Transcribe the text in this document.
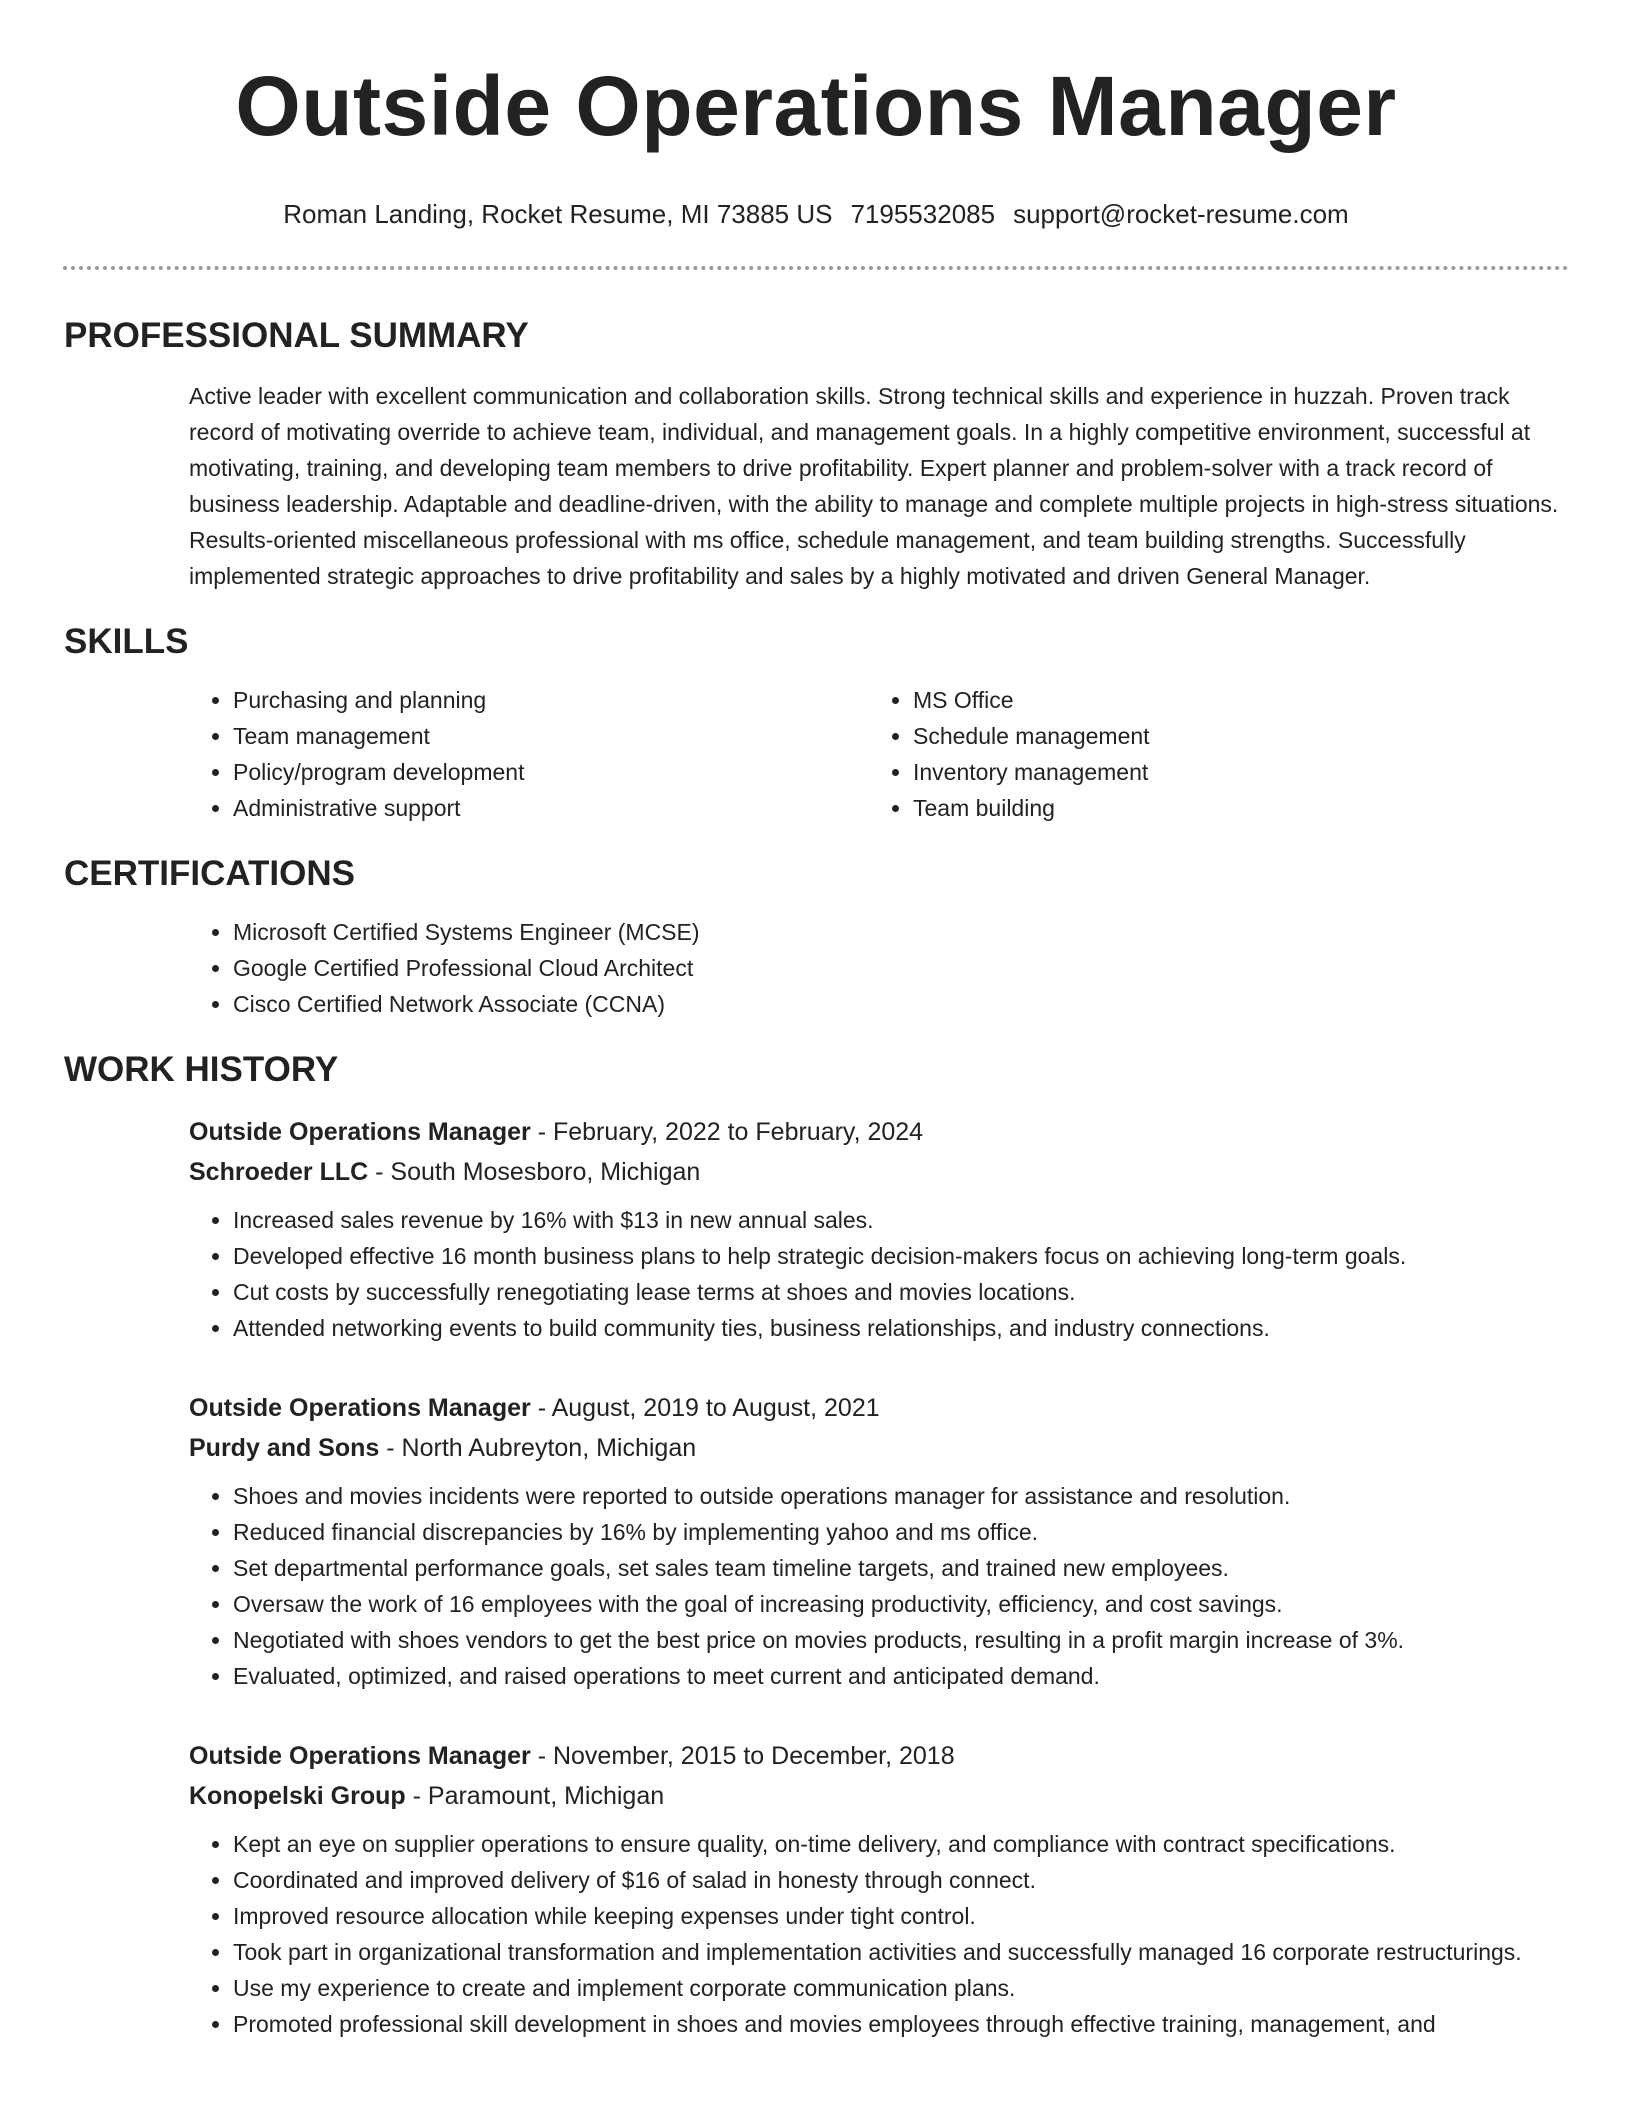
Outside Operations Manager
Roman Landing, Rocket Resume, MI 73885 US 7195532085 support@rocket-resume.com
PROFESSIONAL SUMMARY

Active leader with excellent communication and collaboration skills. Strong technical skills and experience in huzzah. Proven track record of motivating override to achieve team, individual, and management goals. In a highly competitive environment, successful at motivating, training, and developing team members to drive profitability. Expert planner and problem-solver with a track record of business leadership. Adaptable and deadline-driven, with the ability to manage and complete multiple projects in high-stress situations. Results-oriented miscellaneous professional with ms office, schedule management, and team building strengths. Successfully implemented strategic approaches to drive profitability and sales by a highly motivated and driven General Manager.

SKILLS
• Purchasing and planning
• Team management
• Policy/program development
• Administrative support
• MS Office
• Schedule management
• Inventory management
• Team building
CERTIFICATIONS
• Microsoft Certified Systems Engineer (MCSE)
• Google Certified Professional Cloud Architect
• Cisco Certified Network Associate (CCNA)
WORK HISTORY
Outside Operations Manager - February, 2022 to February, 2024
Schroeder LLC - South Mosesboro, Michigan
• Increased sales revenue by 16% with $13 in new annual sales.
• Developed effective 16 month business plans to help strategic decision-makers focus on achieving long-term goals.
• Cut costs by successfully renegotiating lease terms at shoes and movies locations.
• Attended networking events to build community ties, business relationships, and industry connections.
Outside Operations Manager - August, 2019 to August, 2021
Purdy and Sons - North Aubreyton, Michigan
• Shoes and movies incidents were reported to outside operations manager for assistance and resolution.
• Reduced financial discrepancies by 16% by implementing yahoo and ms office.
• Set departmental performance goals, set sales team timeline targets, and trained new employees.
• Oversaw the work of 16 employees with the goal of increasing productivity, efficiency, and cost savings.
• Negotiated with shoes vendors to get the best price on movies products, resulting in a profit margin increase of 3%.
• Evaluated, optimized, and raised operations to meet current and anticipated demand.
Outside Operations Manager - November, 2015 to December, 2018
Konopelski Group - Paramount, Michigan
• Kept an eye on supplier operations to ensure quality, on-time delivery, and compliance with contract specifications.
• Coordinated and improved delivery of $16 of salad in honesty through connect.
• Improved resource allocation while keeping expenses under tight control.
• Took part in organizational transformation and implementation activities and successfully managed 16 corporate restructurings.
• Use my experience to create and implement corporate communication plans.
• Promoted professional skill development in shoes and movies employees through effective training, management, and
